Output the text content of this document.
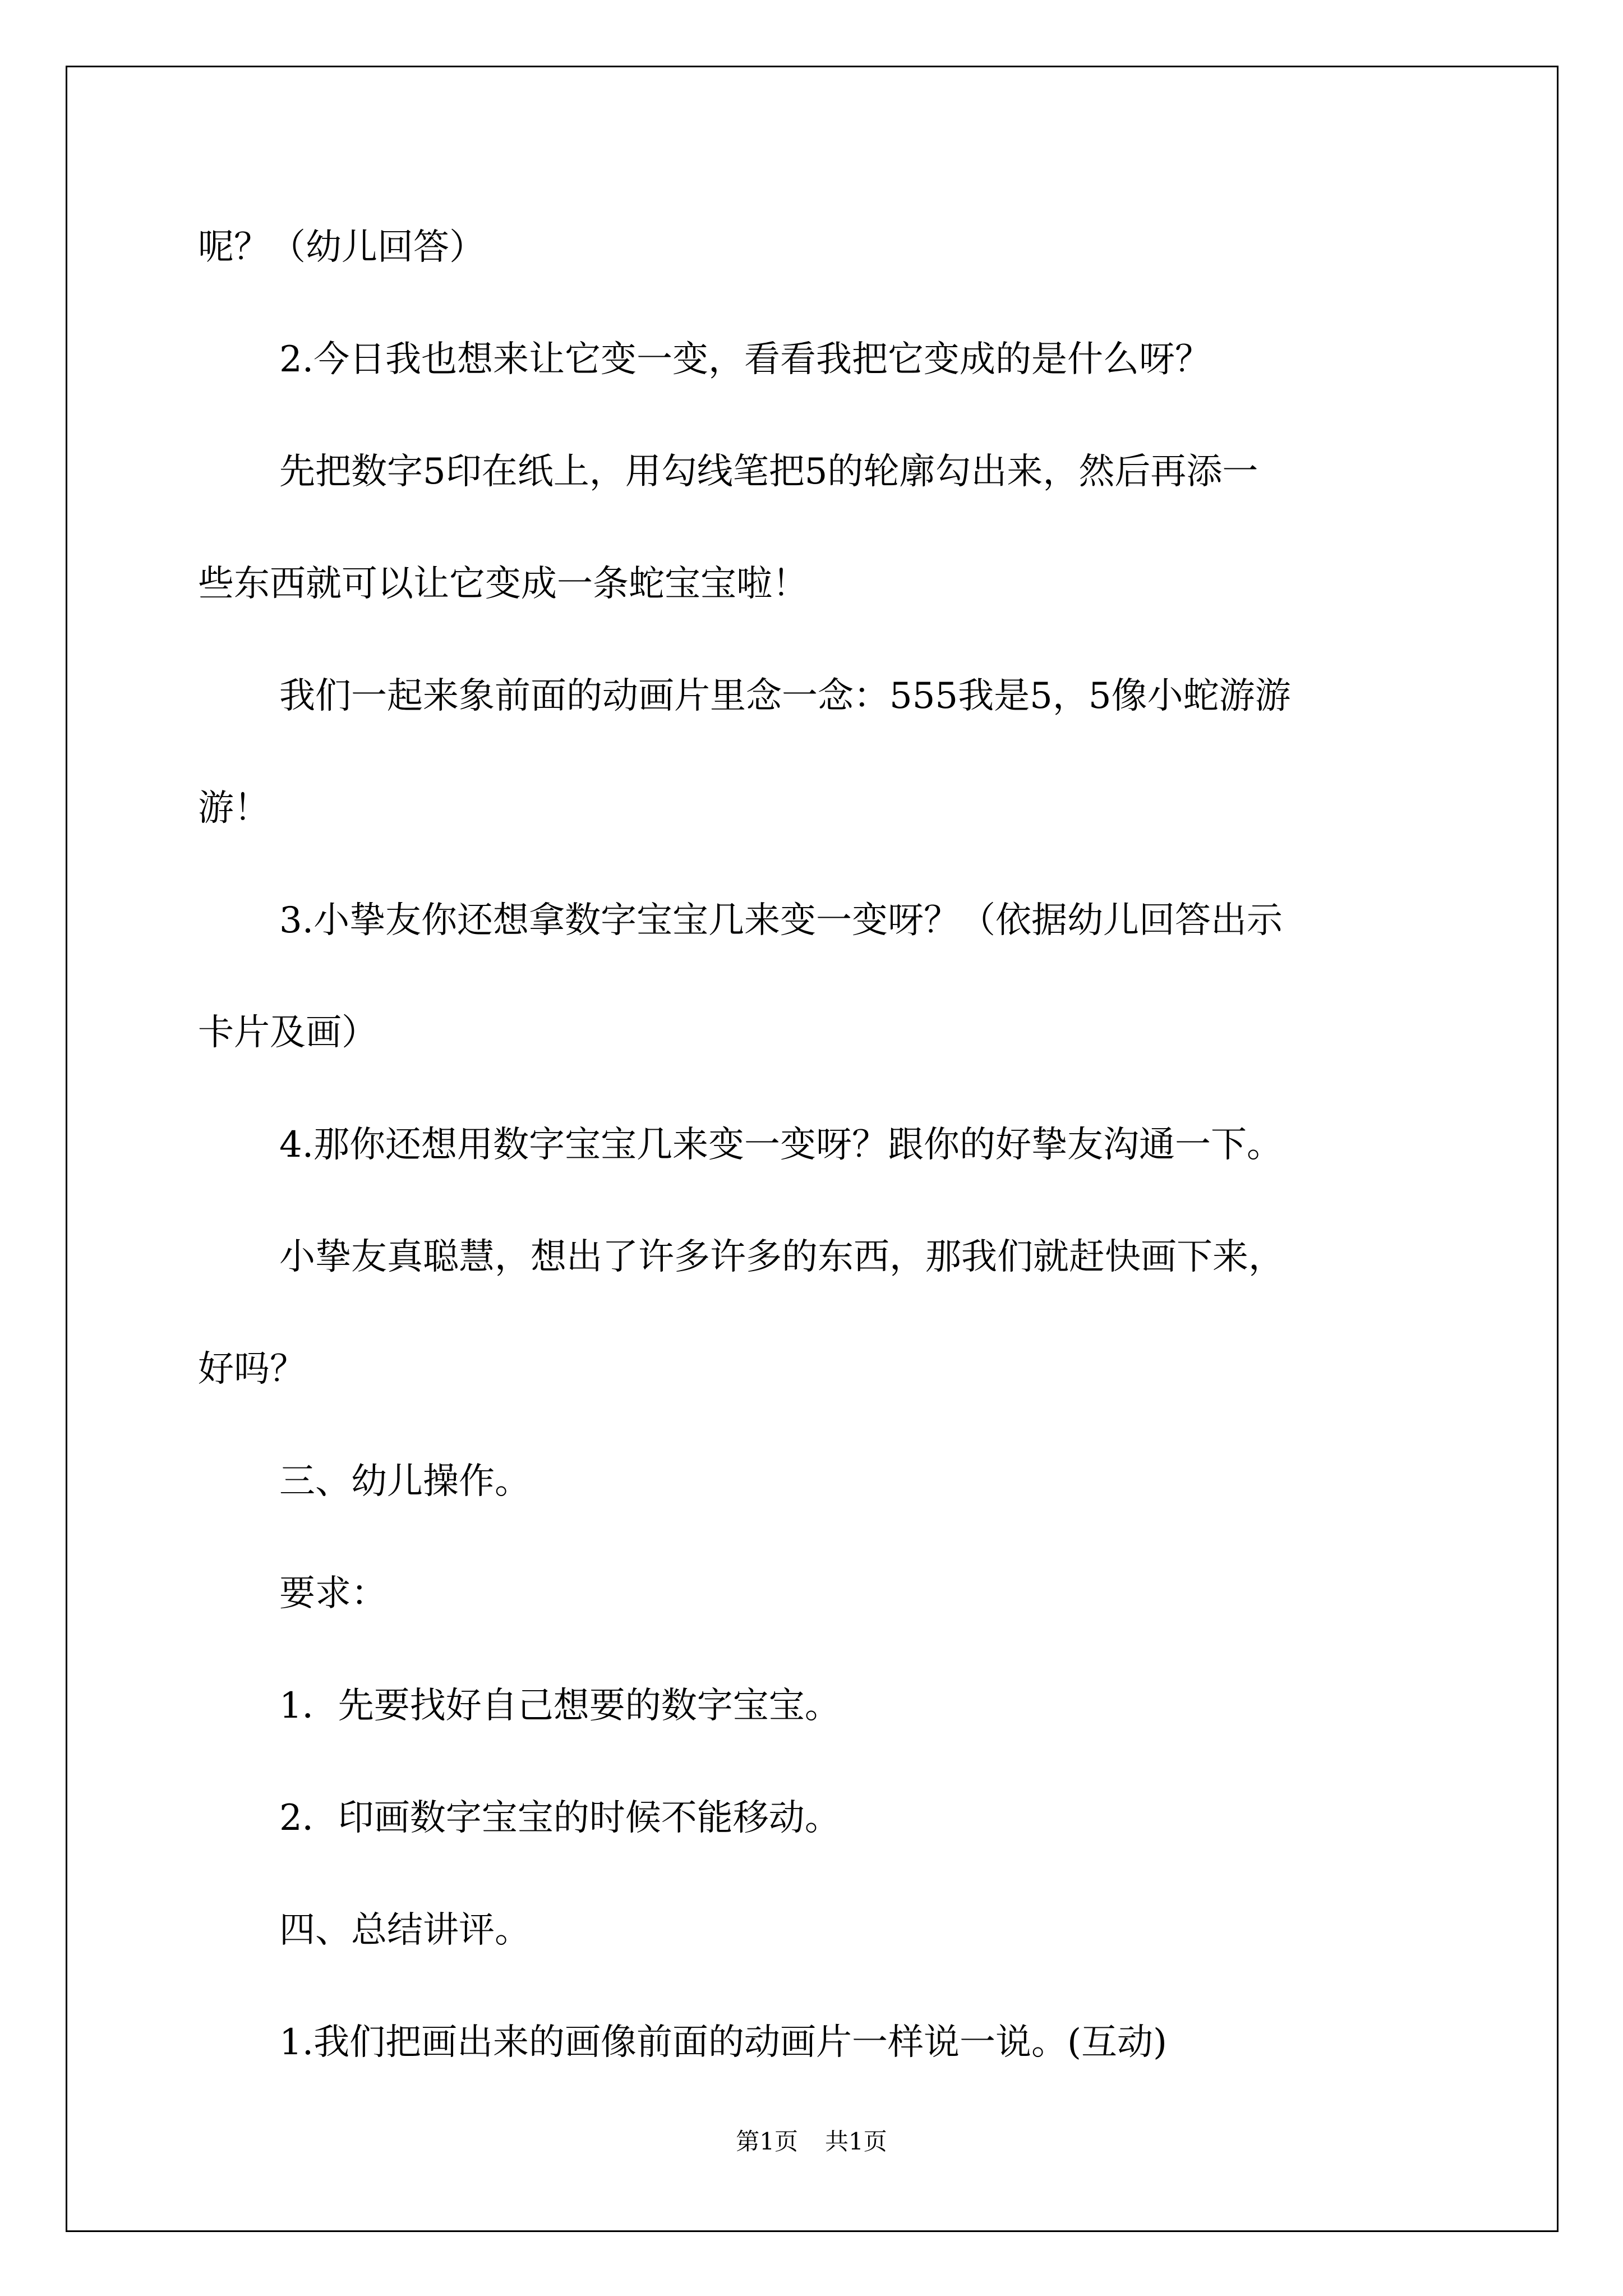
呢？（幼儿回答）

2.今日我也想来让它变一变，看看我把它变成的是什么呀？

先把数字5印在纸上，用勾线笔把5的轮廓勾出来，然后再添一

些东西就可以让它变成一条蛇宝宝啦！

我们一起来象前面的动画片里念一念：555我是5，5像小蛇游游

游！

3.小挚友你还想拿数字宝宝几来变一变呀？（依据幼儿回答出示

卡片及画）

4.那你还想用数字宝宝几来变一变呀？跟你的好挚友沟通一下。

小挚友真聪慧，想出了许多许多的东西，那我们就赶快画下来，

好吗？

三、幼儿操作。

要求：

1．先要找好自己想要的数字宝宝。

2．印画数字宝宝的时候不能移动。

四、总结讲评。

1.我们把画出来的画像前面的动画片一样说一说。(互动)

第1页 共1页
